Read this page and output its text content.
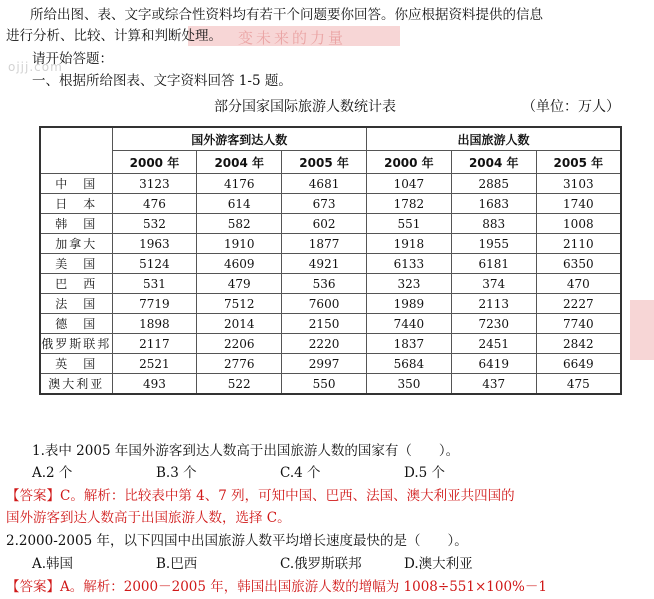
变未来的力量
ojjj.com
所给出图、表、文字或综合性资料均有若干个问题要你回答。你应根据资料提供的信息
进行分析、比较、计算和判断处理。
请开始答题：
一、根据所给图表、文字资料回答 1-5 题。
部分国家国际旅游人数统计表	（单位：万人）
	国外游客到达人数			出国旅游人数		
	2000 年	2004 年	2005 年	2000 年	2004 年	2005 年
中　国	3123	4176	4681	1047	2885	3103
日　本	476	614	673	1782	1683	1740
韩　国	532	582	602	551	883	1008
加拿大	1963	1910	1877	1918	1955	2110
美　国	5124	4609	4921	6133	6181	6350
巴　西	531	479	536	323	374	470
法　国	7719	7512	7600	1989	2113	2227
德　国	1898	2014	2150	7440	7230	7740
俄罗斯联邦	2117	2206	2220	1837	2451	2842
英　国	2521	2776	2997	5684	6419	6649
澳大利亚	493	522	550	350	437	475
1.表中 2005 年国外游客到达人数高于出国旅游人数的国家有（　　）。
A.2 个	B.3 个	C.4 个	D.5 个
【答案】C。解析：比较表中第 4、7 列，可知中国、巴西、法国、澳大利亚共四国的
国外游客到达人数高于出国旅游人数，选择 C。
2.2000-2005 年，以下四国中出国旅游人数平均增长速度最快的是（　　）。
A.韩国	B.巴西	C.俄罗斯联邦	D.澳大利亚
【答案】A。解析：2000－2005 年，韩国出国旅游人数的增幅为 1008÷551×100%－1
